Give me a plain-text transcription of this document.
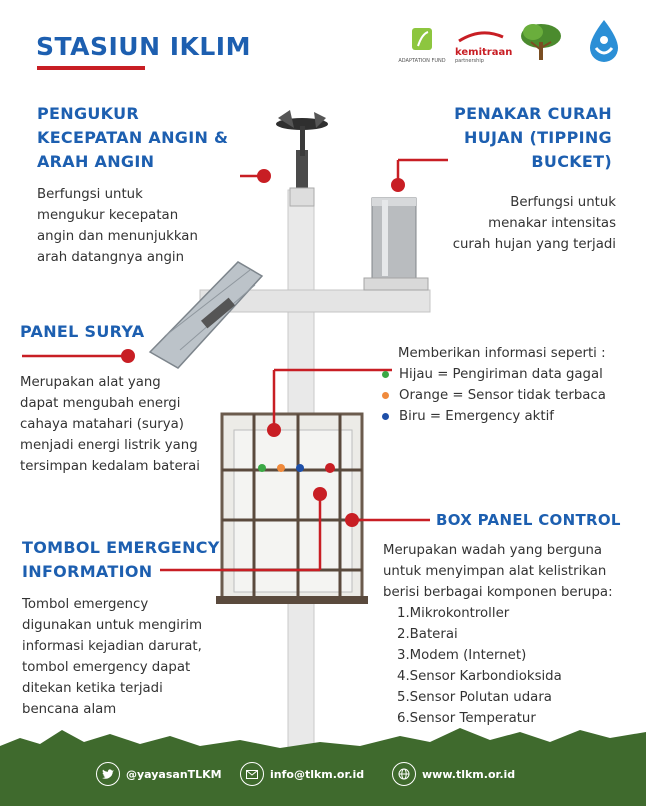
STASIUN IKLIM	ADAPTATION FUND
kemitraan
partnership
PENGUKUR
KECEPATAN ANGIN &
ARAH ANGIN
Berfungsi untuk
mengukur kecepatan
angin dan menunjukkan
arah datangnya angin
PENAKAR CURAH
HUJAN (TIPPING
BUCKET)
Berfungsi untuk
menakar intensitas
curah hujan yang terjadi
PANEL SURYA
Merupakan alat yang
dapat mengubah energi
cahaya matahari (surya)
menjadi energi listrik yang
tersimpan kedalam baterai
Memberikan informasi seperti :
Hijau = Pengiriman data gagal
Orange = Sensor tidak terbaca
Biru = Emergency aktif
BOX PANEL CONTROL
Merupakan wadah yang berguna
untuk menyimpan alat kelistrikan
berisi berbagai komponen berupa:
1.Mikrokontroller
2.Baterai
3.Modem (Internet)
4.Sensor Karbondioksida
5.Sensor Polutan udara
6.Sensor Temperatur
TOMBOL EMERGENCY
INFORMATION
Tombol emergency
digunakan untuk mengirim
informasi kejadian darurat,
tombol emergency dapat
ditekan ketika terjadi
bencana alam
@yayasanTLKM	info@tlkm.or.id	www.tlkm.or.id
